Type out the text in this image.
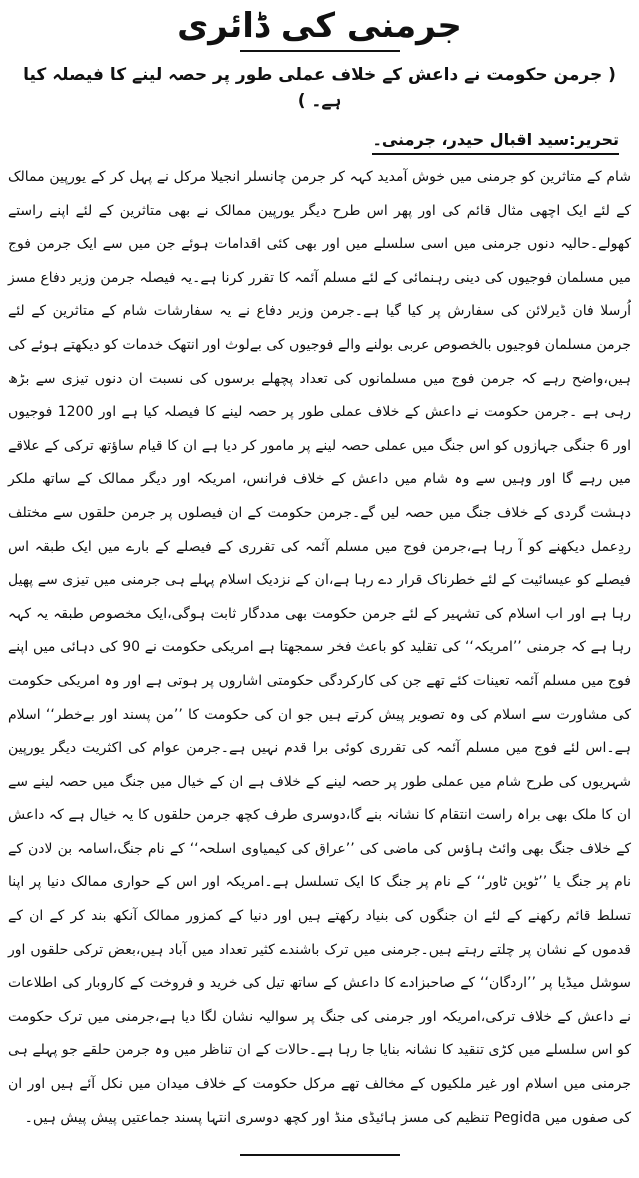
جرمنی کی ڈائری

( جرمن حکومت نے داعش کے خلاف عملی طور پر حصہ لینے کا فیصلہ کیا ہے۔ )

تحریر:سید اقبال حیدر، جرمنی۔

شام کے متاثرین کو جرمنی میں خوش آمدید کہہ کر جرمن چانسلر انجیلا مرکل نے پہل کر کے یورپین ممالک کے لئے ایک اچھی مثال قائم کی اور پھر اس طرح دیگر یورپین ممالک نے بھی متاثرین کے لئے اپنے راستے کھولے۔حالیہ دنوں جرمنی میں اسی سلسلے میں اور بھی کئی اقدامات ہوئے جن میں سے ایک جرمن فوج میں مسلمان فوجیوں کی دینی رہنمائی کے لئے مسلم آئمہ کا تقرر کرنا ہے۔یہ فیصلہ جرمن وزیر دفاع مسز اُرسلا فان ڈیرلائن کی سفارش پر کیا گیا ہے۔جرمن وزیر دفاع نے یہ سفارشات شام کے متاثرین کے لئے جرمن مسلمان فوجیوں بالخصوص عربی بولنے والے فوجیوں کی بےلوث اور انتھک خدمات کو دیکھتے ہوئے کی ہیں،واضح رہے کہ جرمن فوج میں مسلمانوں کی تعداد پچھلے برسوں کی نسبت ان دنوں تیزی سے بڑھ رہی ہے ۔جرمن حکومت نے داعش کے خلاف عملی طور پر حصہ لینے کا فیصلہ کیا ہے اور 1200 فوجیوں اور 6 جنگی جہازوں کو اس جنگ میں عملی حصہ لینے پر مامور کر دیا ہے ان کا قیام ساؤتھ ترکی کے علاقے میں رہے گا اور وہیں سے وہ شام میں داعش کے خلاف فرانس، امریکہ اور دیگر ممالک کے ساتھ ملکر دہشت گردی کے خلاف جنگ میں حصہ لیں گے۔جرمن حکومت کے ان فیصلوں پر جرمن حلقوں سے مختلف ردِعمل دیکھنے کو آ رہا ہے،جرمن فوج میں مسلم آئمہ کی تقرری کے فیصلے کے بارے میں ایک طبقہ اس فیصلے کو عیسائیت کے لئے خطرناک قرار دے رہا ہے،ان کے نزدیک اسلام پہلے ہی جرمنی میں تیزی سے پھیل رہا ہے اور اب اسلام کی تشہیر کے لئے جرمن حکومت بھی مددگار ثابت ہوگی،ایک مخصوص طبقہ یہ کہہ رہا ہے کہ جرمنی ’’امریکہ‘‘ کی تقلید کو باعث فخر سمجھتا ہے امریکی حکومت نے 90 کی دہائی میں اپنے فوج میں مسلم آئمہ تعینات کئے تھے جن کی کارکردگی حکومتی اشاروں پر ہوتی ہے اور وہ امریکی حکومت کی مشاورت سے اسلام کی وہ تصویر پیش کرتے ہیں جو ان کی حکومت کا ’’من پسند اور بےخطر‘‘ اسلام ہے۔اس لئے فوج میں مسلم آئمہ کی تقرری کوئی برا قدم نہیں ہے۔جرمن عوام کی اکثریت دیگر یورپین شہریوں کی طرح شام میں عملی طور پر حصہ لینے کے خلاف ہے ان کے خیال میں جنگ میں حصہ لینے سے ان کا ملک بھی براہ راست انتقام کا نشانہ بنے گا،دوسری طرف کچھ جرمن حلقوں کا یہ خیال ہے کہ داعش کے خلاف جنگ بھی وائٹ ہاؤس کی ماضی کی ’’عراق کی کیمیاوی اسلحہ‘‘ کے نام جنگ،اسامہ بن لادن کے نام پر جنگ یا ’’ٹوین ٹاور‘‘ کے نام پر جنگ کا ایک تسلسل ہے۔امریکہ اور اس کے حواری ممالک دنیا پر اپنا تسلط قائم رکھنے کے لئے ان جنگوں کی بنیاد رکھتے ہیں اور دنیا کے کمزور ممالک آنکھ بند کر کے ان کے قدموں کے نشان پر چلتے رہتے ہیں۔جرمنی میں ترک باشندے کثیر تعداد میں آباد ہیں،بعض ترکی حلقوں اور سوشل میڈیا پر ’’اردگان‘‘ کے صاحبزادے کا داعش کے ساتھ تیل کی خرید و فروخت کے کاروبار کی اطلاعات نے داعش کے خلاف ترکی،امریکہ اور جرمنی کی جنگ پر سوالیہ نشان لگا دیا ہے،جرمنی میں ترک حکومت کو اس سلسلے میں کڑی تنقید کا نشانہ بنایا جا رہا ہے۔حالات کے ان تناظر میں وہ جرمن حلقے جو پہلے ہی جرمنی میں اسلام اور غیر ملکیوں کے مخالف تھے مرکل حکومت کے خلاف میدان میں نکل آئے ہیں اور ان کی صفوں میں Pegida تنظیم کی مسز ہائیڈی منڈ اور کچھ دوسری انتہا پسند جماعتیں پیش پیش ہیں۔
